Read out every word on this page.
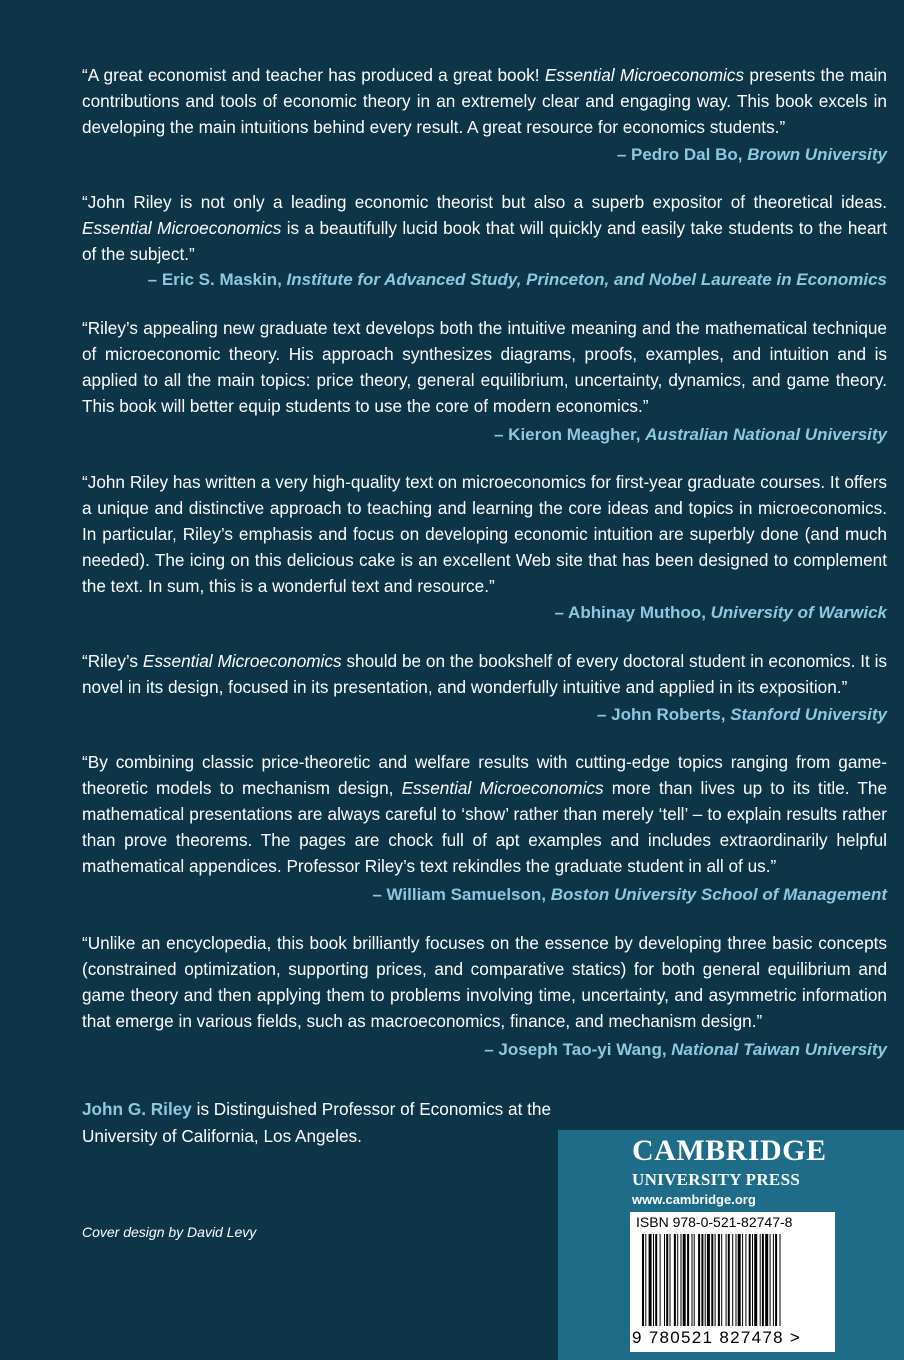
“A great economist and teacher has produced a great book! Essential Microeconomics presents the main contributions and tools of economic theory in an extremely clear and engaging way. This book excels in developing the main intuitions behind every result. A great resource for economics students.”

– Pedro Dal Bo, Brown University

“John Riley is not only a leading economic theorist but also a superb expositor of theoretical ideas. Essential Microeconomics is a beautifully lucid book that will quickly and easily take students to the heart of the subject.”

– Eric S. Maskin, Institute for Advanced Study, Princeton, and Nobel Laureate in Economics

“Riley’s appealing new graduate text develops both the intuitive meaning and the mathematical technique of microeconomic theory. His approach synthesizes diagrams, proofs, examples, and intuition and is applied to all the main topics: price theory, general equilibrium, uncertainty, dynamics, and game theory. This book will better equip students to use the core of modern economics.”

– Kieron Meagher, Australian National University

“John Riley has written a very high-quality text on microeconomics for first-year graduate courses. It offers a unique and distinctive approach to teaching and learning the core ideas and topics in microeconomics. In particular, Riley’s emphasis and focus on developing economic intuition are superbly done (and much needed). The icing on this delicious cake is an excellent Web site that has been designed to complement the text. In sum, this is a wonderful text and resource.”

– Abhinay Muthoo, University of Warwick

“Riley’s Essential Microeconomics should be on the bookshelf of every doctoral student in economics. It is novel in its design, focused in its presentation, and wonderfully intuitive and applied in its exposition.”

– John Roberts, Stanford University

“By combining classic price-theoretic and welfare results with cutting-edge topics ranging from game-theoretic models to mechanism design, Essential Microeconomics more than lives up to its title. The mathematical presentations are always careful to ‘show’ rather than merely ‘tell’ – to explain results rather than prove theorems. The pages are chock full of apt examples and includes extraordinarily helpful mathematical appendices. Professor Riley’s text rekindles the graduate student in all of us.”

– William Samuelson, Boston University School of Management

“Unlike an encyclopedia, this book brilliantly focuses on the essence by developing three basic concepts (constrained optimization, supporting prices, and comparative statics) for both general equilibrium and game theory and then applying them to problems involving time, uncertainty, and asymmetric information that emerge in various fields, such as macroeconomics, finance, and mechanism design.”

– Joseph Tao-yi Wang, National Taiwan University
John G. Riley is Distinguished Professor of Economics at the University of California, Los Angeles.
Cover design by David Levy
CAMBRIDGE
UNIVERSITY PRESS
www.cambridge.org
ISBN 978-0-521-82747-8
9 780521 827478 >
